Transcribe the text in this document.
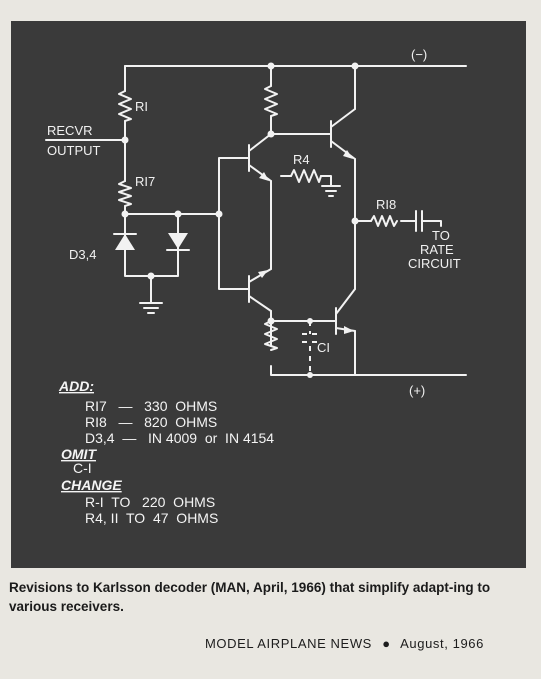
(−)
(+)
RI
RECVR
OUTPUT
RI7
D3,4
R4
RI8
TO
RATE
CIRCUIT
CI
ADD:
RI7   —   330  OHMS
RI8   —   820  OHMS
D3,4  —   IN 4009  or  IN 4154
OMIT
C-I
CHANGE
R-I  TO   220  OHMS
R4, II  TO  47  OHMS
Revisions to Karlsson decoder (MAN, April, 1966) that simplify adapt-ing to various receivers.
MODEL AIRPLANE NEWS ● August, 1966
